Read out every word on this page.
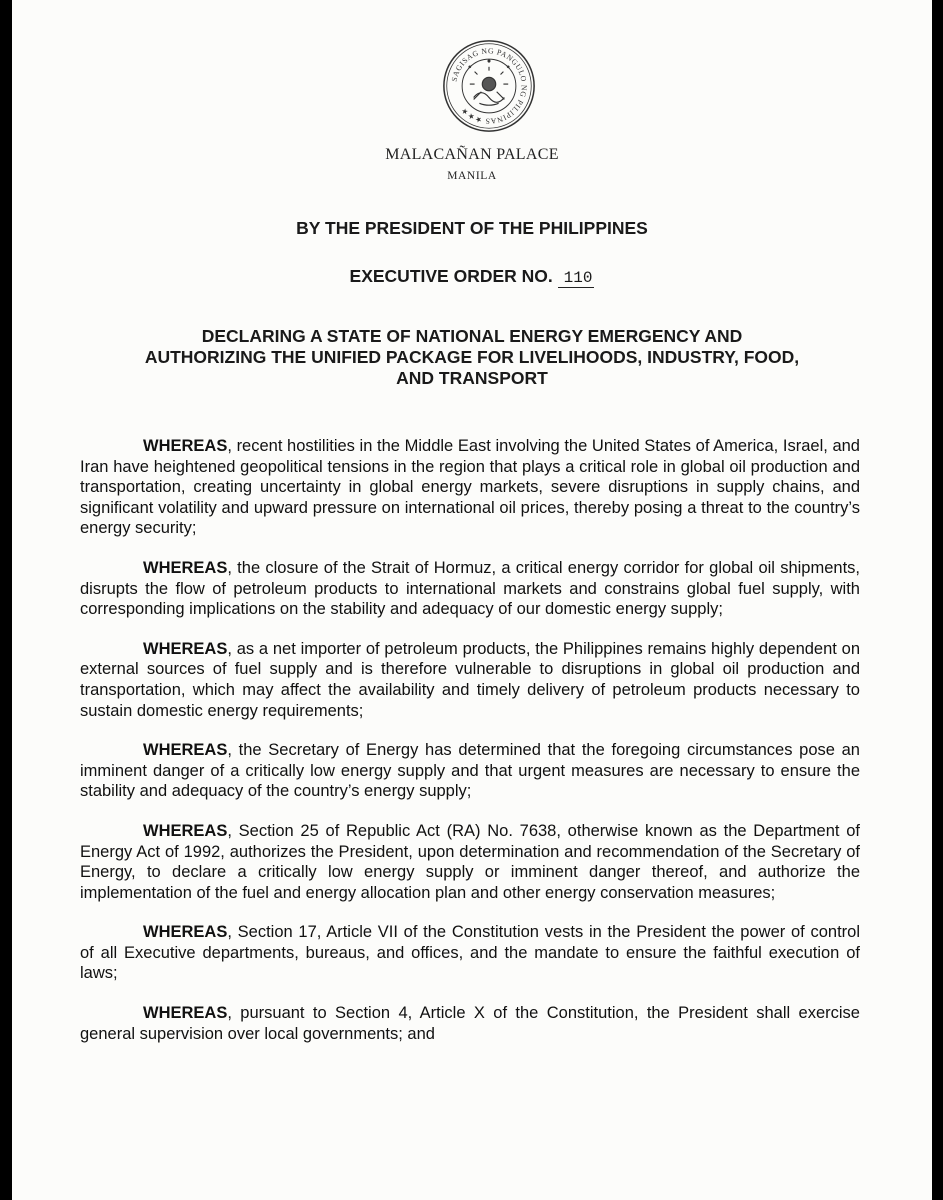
SAGISAG NG PANGULO NG PILIPINAS ★★★
MALACAÑAN PALACE
MANILA
BY THE PRESIDENT OF THE PHILIPPINES
EXECUTIVE ORDER NO. 110
DECLARING A STATE OF NATIONAL ENERGY EMERGENCY AND
AUTHORIZING THE UNIFIED PACKAGE FOR LIVELIHOODS, INDUSTRY, FOOD,
AND TRANSPORT

WHEREAS, recent hostilities in the Middle East involving the United States of America, Israel, and Iran have heightened geopolitical tensions in the region that plays a critical role in global oil production and transportation, creating uncertainty in global energy markets, severe disruptions in supply chains, and significant volatility and upward pressure on international oil prices, thereby posing a threat to the country’s energy security;

WHEREAS, the closure of the Strait of Hormuz, a critical energy corridor for global oil shipments, disrupts the flow of petroleum products to international markets and constrains global fuel supply, with corresponding implications on the stability and adequacy of our domestic energy supply;

WHEREAS, as a net importer of petroleum products, the Philippines remains highly dependent on external sources of fuel supply and is therefore vulnerable to disruptions in global oil production and transportation, which may affect the availability and timely delivery of petroleum products necessary to sustain domestic energy requirements;

WHEREAS, the Secretary of Energy has determined that the foregoing circumstances pose an imminent danger of a critically low energy supply and that urgent measures are necessary to ensure the stability and adequacy of the country’s energy supply;

WHEREAS, Section 25 of Republic Act (RA) No. 7638, otherwise known as the Department of Energy Act of 1992, authorizes the President, upon determination and recommendation of the Secretary of Energy, to declare a critically low energy supply or imminent danger thereof, and authorize the implementation of the fuel and energy allocation plan and other energy conservation measures;

WHEREAS, Section 17, Article VII of the Constitution vests in the President the power of control of all Executive departments, bureaus, and offices, and the mandate to ensure the faithful execution of laws;

WHEREAS, pursuant to Section 4, Article X of the Constitution, the President shall exercise general supervision over local governments; and
